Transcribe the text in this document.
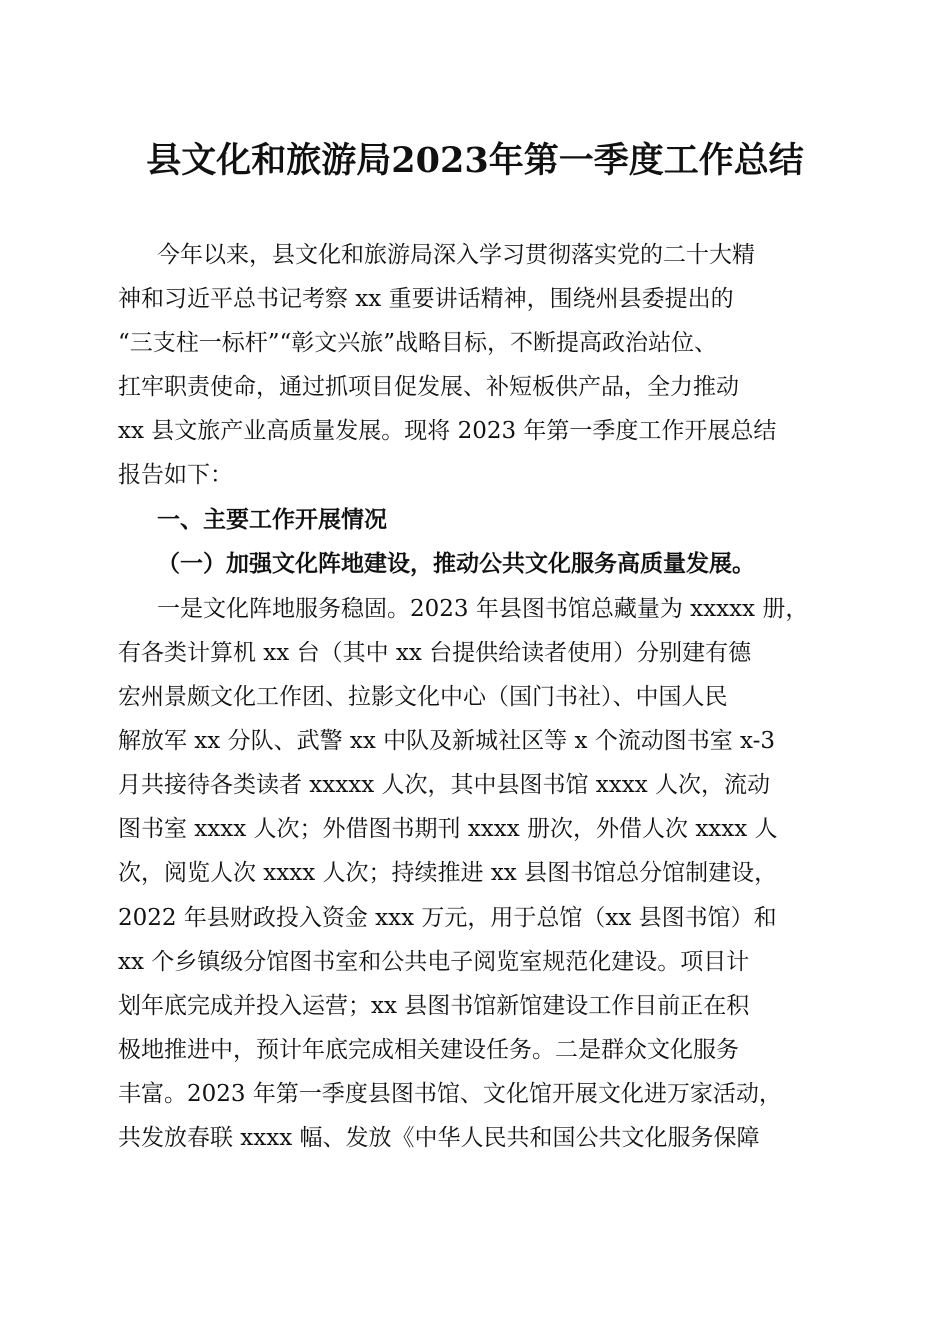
县文化和旅游局2023年第一季度工作总结

今年以来，县文化和旅游局深入学习贯彻落实党的二十大精

神和习近平总书记考察 xx 重要讲话精神，围绕州县委提出的

“三支柱一标杆”“彰文兴旅”战略目标，不断提高政治站位、

扛牢职责使命，通过抓项目促发展、补短板供产品，全力推动

xx 县文旅产业高质量发展。现将 2023 年第一季度工作开展总结

报告如下：

一、主要工作开展情况

（一）加强文化阵地建设，推动公共文化服务高质量发展。

一是文化阵地服务稳固。2023 年县图书馆总藏量为 xxxxx 册，

有各类计算机 xx 台（其中 xx 台提供给读者使用）分别建有德

宏州景颇文化工作团、拉影文化中心（国门书社）、中国人民

解放军 xx 分队、武警 xx 中队及新城社区等 x 个流动图书室 x-3

月共接待各类读者 xxxxx 人次，其中县图书馆 xxxx 人次，流动

图书室 xxxx 人次；外借图书期刊 xxxx 册次，外借人次 xxxx 人

次，阅览人次 xxxx 人次；持续推进 xx 县图书馆总分馆制建设，

2022 年县财政投入资金 xxx 万元，用于总馆（xx 县图书馆）和

xx 个乡镇级分馆图书室和公共电子阅览室规范化建设。项目计

划年底完成并投入运营；xx 县图书馆新馆建设工作目前正在积

极地推进中，预计年底完成相关建设任务。二是群众文化服务

丰富。2023 年第一季度县图书馆、文化馆开展文化进万家活动，

共发放春联 xxxx 幅、发放《中华人民共和国公共文化服务保障
